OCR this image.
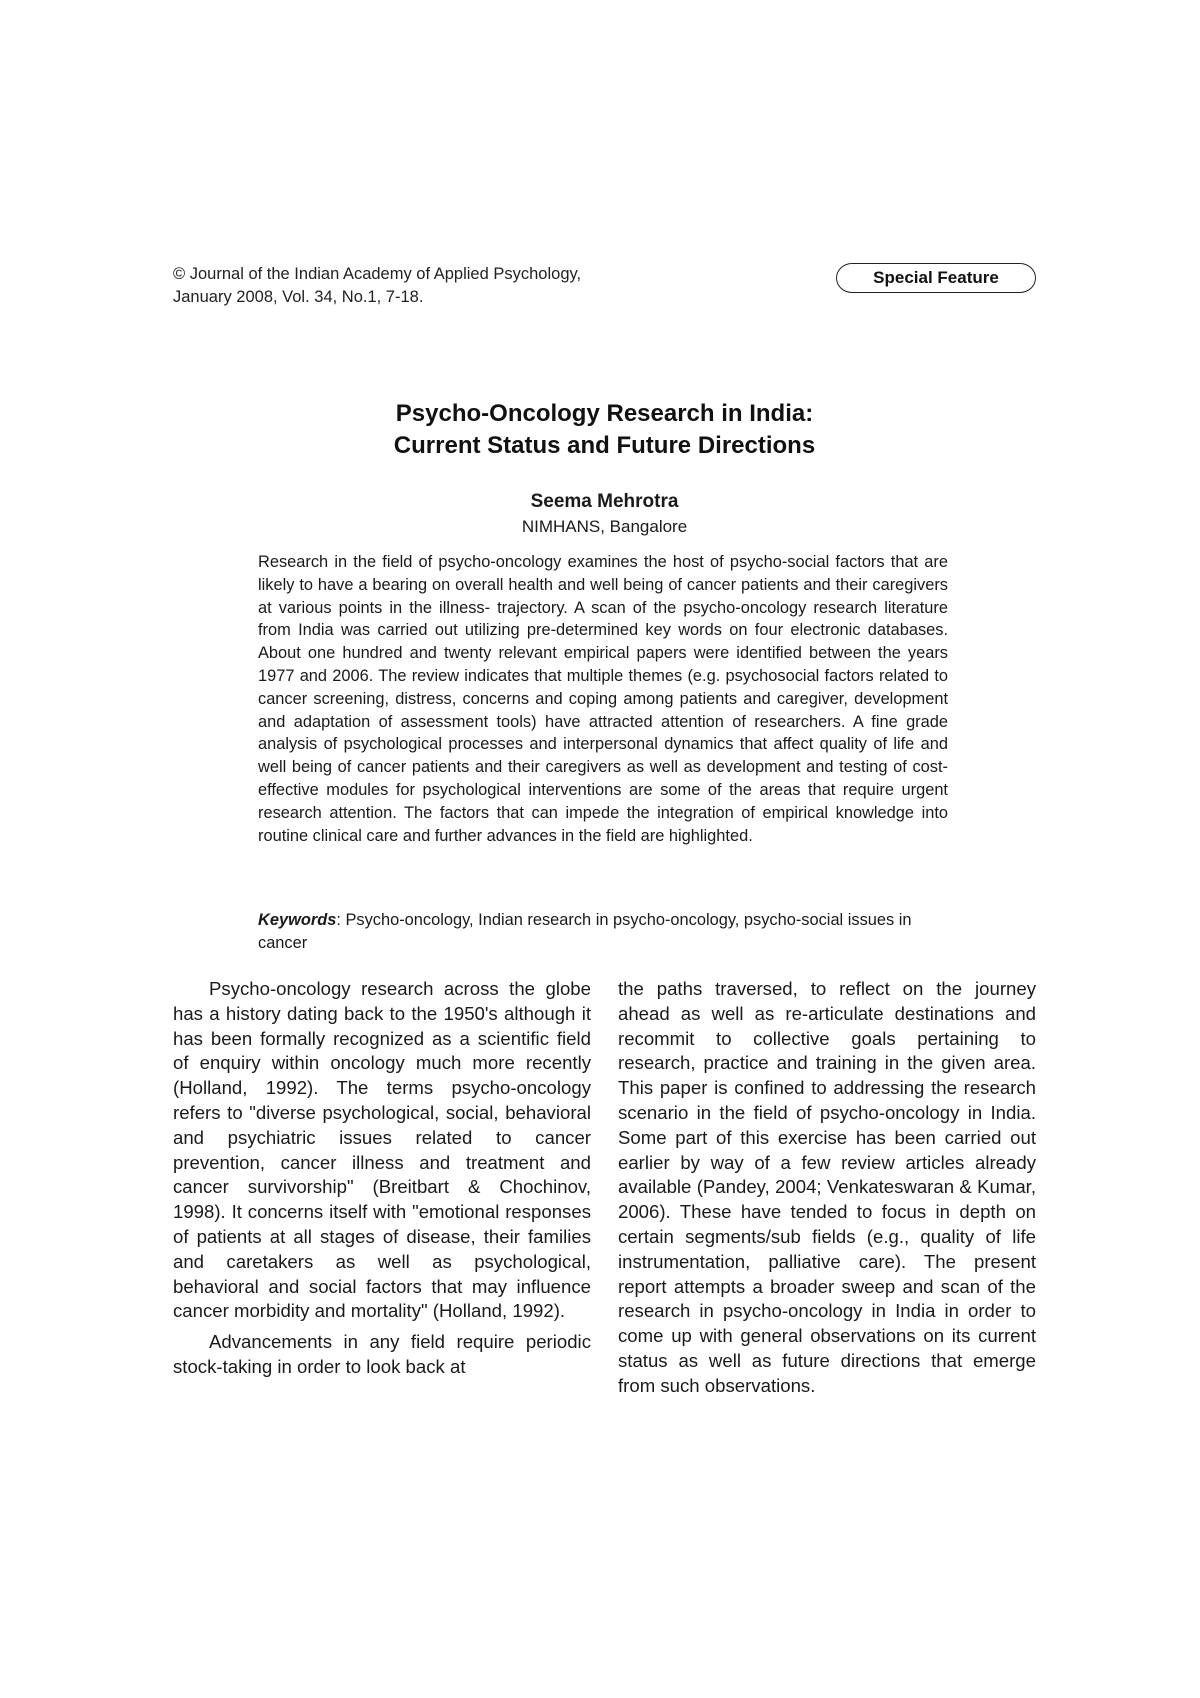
© Journal of the Indian Academy of Applied Psychology,
January 2008, Vol. 34, No.1, 7-18.
Special Feature
Psycho-Oncology Research in India:
Current Status and Future Directions
Seema Mehrotra
NIMHANS, Bangalore
Research in the field of psycho-oncology examines the host of psycho-social factors that are likely to have a bearing on overall health and well being of cancer patients and their caregivers at various points in the illness- trajectory. A scan of the psycho-oncology research literature from India was carried out utilizing pre-determined key words on four electronic databases. About one hundred and twenty relevant empirical papers were identified between the years 1977 and 2006. The review indicates that multiple themes (e.g. psychosocial factors related to cancer screening, distress, concerns and coping among patients and caregiver, development and adaptation of assessment tools) have attracted attention of researchers. A fine grade analysis of psychological processes and interpersonal dynamics that affect quality of life and well being of cancer patients and their caregivers as well as development and testing of cost-effective modules for psychological interventions are some of the areas that require urgent research attention. The factors that can impede the integration of empirical knowledge into routine clinical care and further advances in the field are highlighted.
Keywords: Psycho-oncology, Indian research in psycho-oncology, psycho-social issues in cancer

Psycho-oncology research across the globe has a history dating back to the 1950's although it has been formally recognized as a scientific field of enquiry within oncology much more recently (Holland, 1992). The terms psycho-oncology refers to "diverse psychological, social, behavioral and psychiatric issues related to cancer prevention, cancer illness and treatment and cancer survivorship" (Breitbart & Chochinov, 1998). It concerns itself with "emotional responses of patients at all stages of disease, their families and caretakers as well as psychological, behavioral and social factors that may influence cancer morbidity and mortality" (Holland, 1992).

Advancements in any field require periodic stock-taking in order to look back at

the paths traversed, to reflect on the journey ahead as well as re-articulate destinations and recommit to collective goals pertaining to research, practice and training in the given area. This paper is confined to addressing the research scenario in the field of psycho-oncology in India. Some part of this exercise has been carried out earlier by way of a few review articles already available (Pandey, 2004; Venkateswaran & Kumar, 2006). These have tended to focus in depth on certain segments/sub fields (e.g., quality of life instrumentation, palliative care). The present report attempts a broader sweep and scan of the research in psycho-oncology in India in order to come up with general observations on its current status as well as future directions that emerge from such observations.
